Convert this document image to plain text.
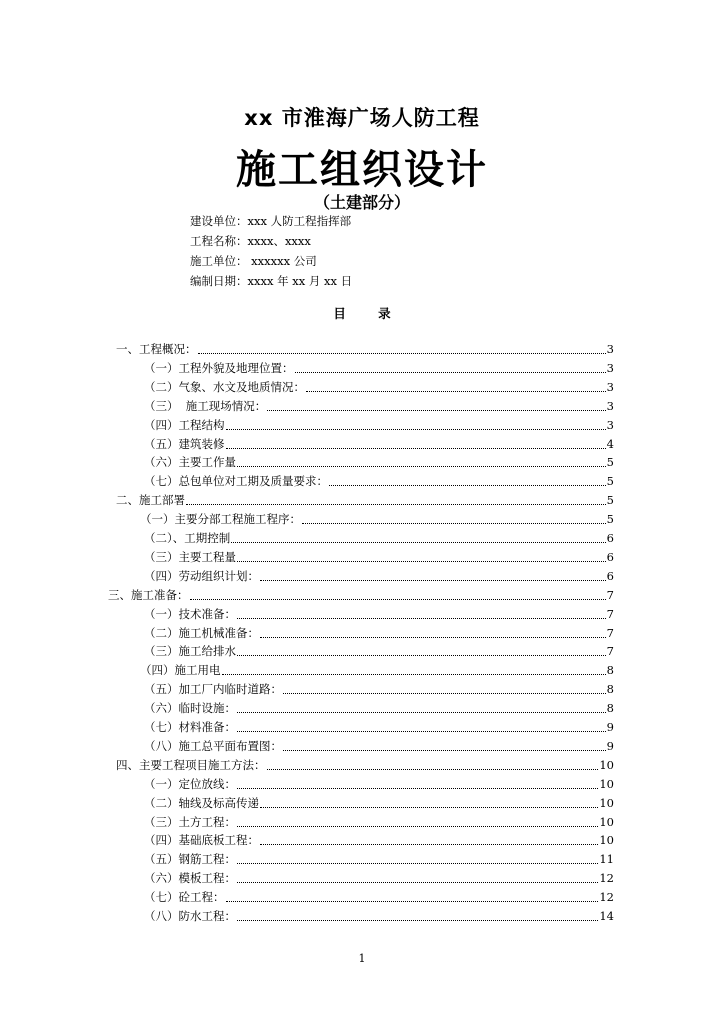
xx 市淮海广场人防工程
施工组织设计
（土建部分）
建设单位：xxx 人防工程指挥部
工程名称：xxxx、xxxx
施工单位： xxxxxx 公司
编制日期：xxxx 年 xx 月 xx 日
目 录
一、工程概况：	3
（一）工程外貌及地理位置：	3
（二）气象、水文及地质情况：	3
（三）  施工现场情况：	3
（四）工程结构	3
（五）建筑装修	4
（六）主要工作量	5
（七）总包单位对工期及质量要求：	5
二、施工部署	5
（一）主要分部工程施工程序：	5
（二）、工期控制	6
（三）主要工程量	6
（四）劳动组织计划：	6
三、施工准备：	7
（一）技术准备：	7
（二）施工机械准备：	7
（三）施工给排水	7
（四）施工用电	8
（五）加工厂内临时道路：	8
（六）临时设施：	8
（七）材料准备：	9
（八）施工总平面布置图：	9
四、主要工程项目施工方法：	10
（一）定位放线：	10
（二）轴线及标高传递	10
（三）土方工程：	10
（四）基础底板工程：	10
（五）钢筋工程：	11
（六）模板工程：	12
（七）砼工程：	12
（八）防水工程：	14
1
